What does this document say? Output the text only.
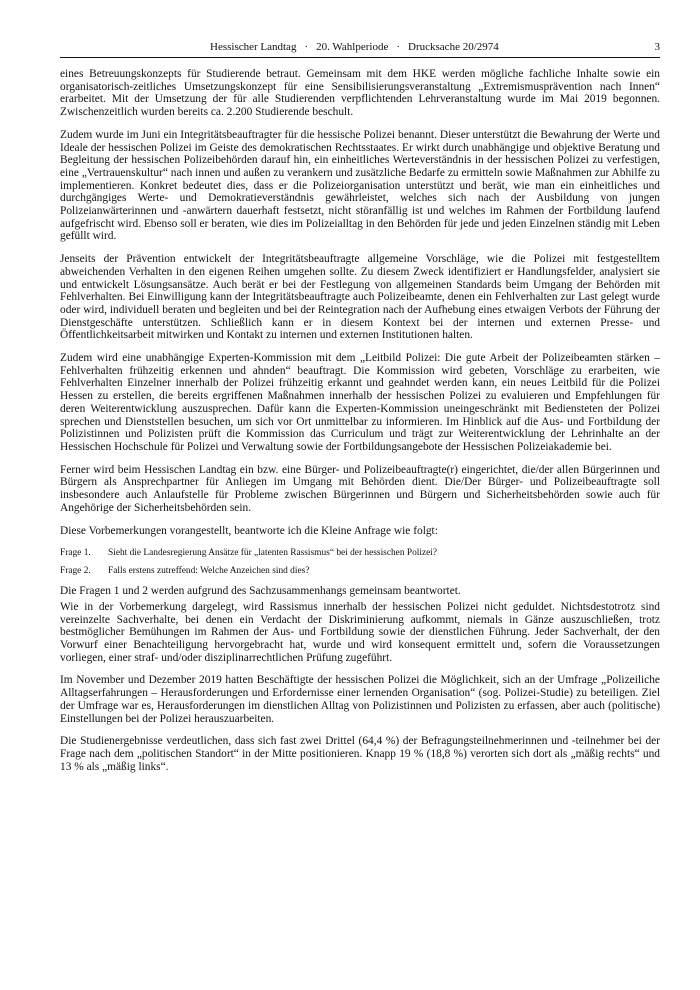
Hessischer Landtag · 20. Wahlperiode · Drucksache 20/2974	3

eines Betreuungskonzepts für Studierende betraut. Gemeinsam mit dem HKE werden mögliche fachliche Inhalte sowie ein organisatorisch-zeitliches Umsetzungskonzept für eine Sensibilisierungsveranstaltung „Extremismusprävention nach Innen“ erarbeitet. Mit der Umsetzung der für alle Studierenden verpflichtenden Lehrveranstaltung wurde im Mai 2019 begonnen. Zwischenzeitlich wurden bereits ca. 2.200 Studierende beschult.

Zudem wurde im Juni ein Integritätsbeauftragter für die hessische Polizei benannt. Dieser unterstützt die Bewahrung der Werte und Ideale der hessischen Polizei im Geiste des demokratischen Rechtsstaates. Er wirkt durch unabhängige und objektive Beratung und Begleitung der hessischen Polizeibehörden darauf hin, ein einheitliches Werteverständnis in der hessischen Polizei zu verfestigen, eine „Vertrauenskultur“ nach innen und außen zu verankern und zusätzliche Bedarfe zu ermitteln sowie Maßnahmen zur Abhilfe zu implementieren. Konkret bedeutet dies, dass er die Polizeiorganisation unterstützt und berät, wie man ein einheitliches und durchgängiges Werte- und Demokratieverständnis gewährleistet, welches sich nach der Ausbildung von jungen Polizeianwärterinnen und -anwärtern dauerhaft festsetzt, nicht störanfällig ist und welches im Rahmen der Fortbildung laufend aufgefrischt wird. Ebenso soll er beraten, wie dies im Polizeialltag in den Behörden für jede und jeden Einzelnen ständig mit Leben gefüllt wird.

Jenseits der Prävention entwickelt der Integritätsbeauftragte allgemeine Vorschläge, wie die Polizei mit festgestelltem abweichenden Verhalten in den eigenen Reihen umgehen sollte. Zu diesem Zweck identifiziert er Handlungsfelder, analysiert sie und entwickelt Lösungsansätze. Auch berät er bei der Festlegung von allgemeinen Standards beim Umgang der Behörden mit Fehlverhalten. Bei Einwilligung kann der Integritätsbeauftragte auch Polizeibeamte, denen ein Fehlverhalten zur Last gelegt wurde oder wird, individuell beraten und begleiten und bei der Reintegration nach der Aufhebung eines etwaigen Verbots der Führung der Dienstgeschäfte unterstützen. Schließlich kann er in diesem Kontext bei der internen und externen Presse- und Öffentlichkeitsarbeit mitwirken und Kontakt zu internen und externen Institutionen halten.

Zudem wird eine unabhängige Experten-Kommission mit dem „Leitbild Polizei: Die gute Arbeit der Polizeibeamten stärken – Fehlverhalten frühzeitig erkennen und ahnden“ beauftragt. Die Kommission wird gebeten, Vorschläge zu erarbeiten, wie Fehlverhalten Einzelner innerhalb der Polizei frühzeitig erkannt und geahndet werden kann, ein neues Leitbild für die Polizei Hessen zu erstellen, die bereits ergriffenen Maßnahmen innerhalb der hessischen Polizei zu evaluieren und Empfehlungen für deren Weiterentwicklung auszusprechen. Dafür kann die Experten-Kommission uneingeschränkt mit Bediensteten der Polizei sprechen und Dienststellen besuchen, um sich vor Ort unmittelbar zu informieren. Im Hinblick auf die Aus- und Fortbildung der Polizistinnen und Polizisten prüft die Kommission das Curriculum und trägt zur Weiterentwicklung der Lehrinhalte an der Hessischen Hochschule für Polizei und Verwaltung sowie der Fortbildungsangebote der Hessischen Polizeiakademie bei.

Ferner wird beim Hessischen Landtag ein bzw. eine Bürger- und Polizeibeauftragte(r) eingerichtet, die/der allen Bürgerinnen und Bürgern als Ansprechpartner für Anliegen im Umgang mit Behörden dient. Die/Der Bürger- und Polizeibeauftragte soll insbesondere auch Anlaufstelle für Probleme zwischen Bürgerinnen und Bürgern und Sicherheitsbehörden sowie auch für Angehörige der Sicherheitsbehörden sein.

Diese Vorbemerkungen vorangestellt, beantworte ich die Kleine Anfrage wie folgt:

Frage 1. Sieht die Landesregierung Ansätze für „latenten Rassismus“ bei der hessischen Polizei?

Frage 2. Falls erstens zutreffend: Welche Anzeichen sind dies?

Die Fragen 1 und 2 werden aufgrund des Sachzusammenhangs gemeinsam beantwortet.

Wie in der Vorbemerkung dargelegt, wird Rassismus innerhalb der hessischen Polizei nicht geduldet. Nichtsdestotrotz sind vereinzelte Sachverhalte, bei denen ein Verdacht der Diskriminierung aufkommt, niemals in Gänze auszuschließen, trotz bestmöglicher Bemühungen im Rahmen der Aus- und Fortbildung sowie der dienstlichen Führung. Jeder Sachverhalt, der den Vorwurf einer Benachteiligung hervorgebracht hat, wurde und wird konsequent ermittelt und, sofern die Voraussetzungen vorliegen, einer straf- und/oder disziplinarrechtlichen Prüfung zugeführt.

Im November und Dezember 2019 hatten Beschäftigte der hessischen Polizei die Möglichkeit, sich an der Umfrage „Polizeiliche Alltagserfahrungen – Herausforderungen und Erfordernisse einer lernenden Organisation“ (sog. Polizei-Studie) zu beteiligen. Ziel der Umfrage war es, Herausforderungen im dienstlichen Alltag von Polizistinnen und Polizisten zu erfassen, aber auch (politische) Einstellungen bei der Polizei herauszuarbeiten.

Die Studienergebnisse verdeutlichen, dass sich fast zwei Drittel (64,4 %) der Befragungsteilnehmerinnen und -teilnehmer bei der Frage nach dem „politischen Standort“ in der Mitte positionieren. Knapp 19 % (18,8 %) verorten sich dort als „mäßig rechts“ und 13 % als „mäßig links“.
